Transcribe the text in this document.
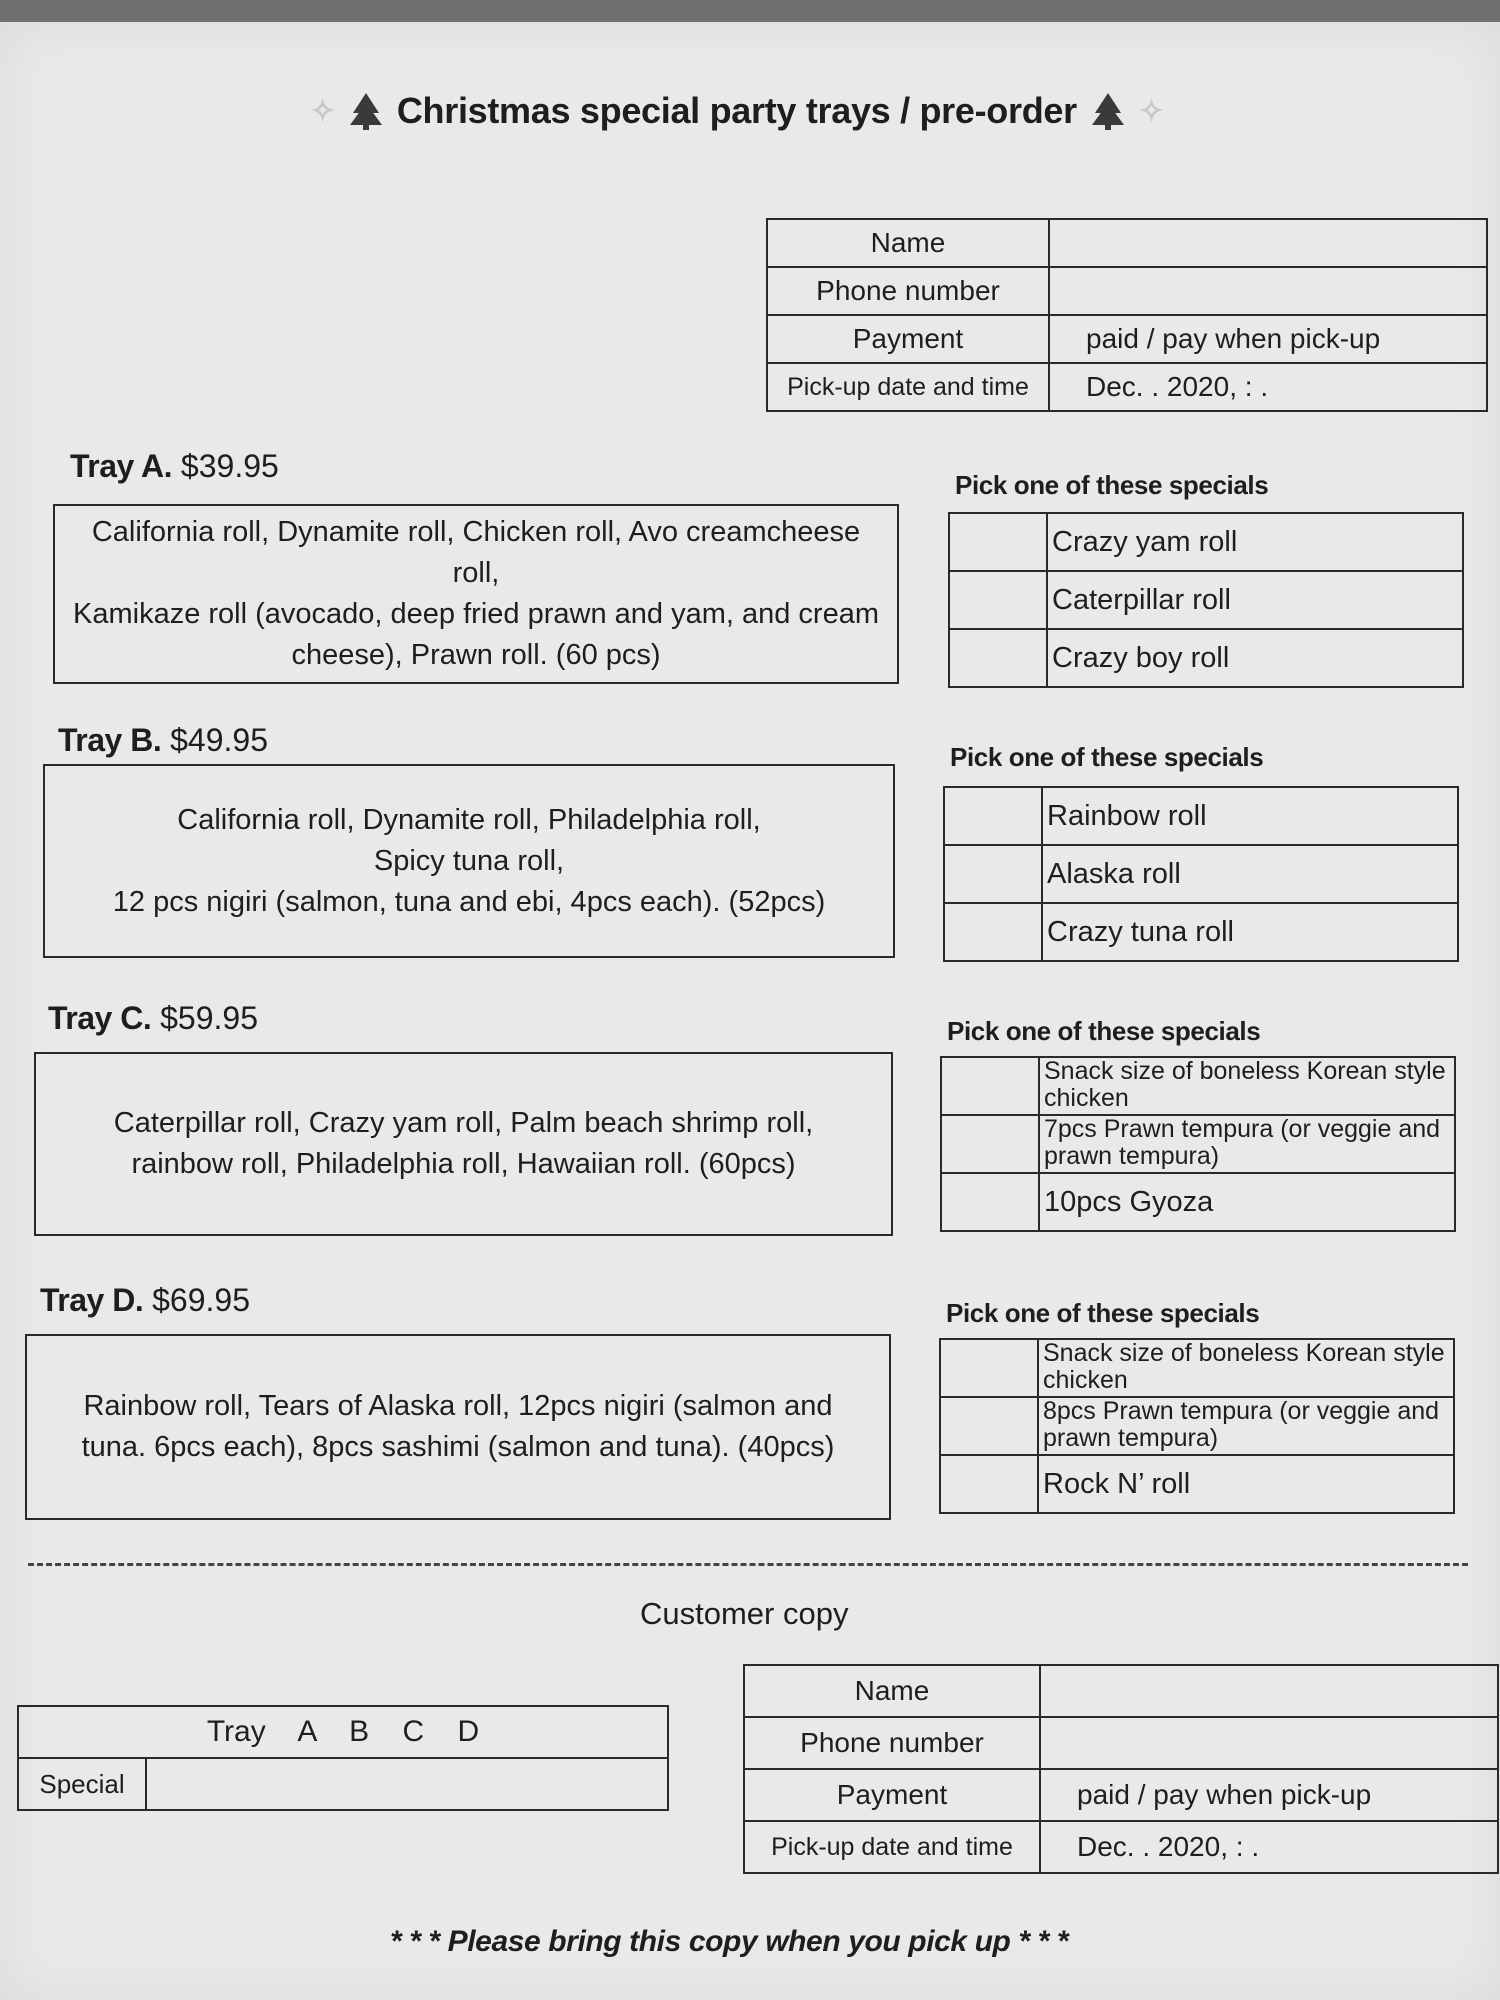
✧ Christmas special party trays / pre-order ✧
Name	
Phone number	
Payment	paid / pay when pick-up
Pick-up date and time	Dec. . 2020, : .
Tray A. $39.95
California roll, Dynamite roll, Chicken roll, Avo creamcheese roll,
Kamikaze roll (avocado, deep fried prawn and yam, and cream cheese), Prawn roll. (60 pcs)
Pick one of these specials
	Crazy yam roll
	Caterpillar roll
	Crazy boy roll
Tray B. $49.95
California roll, Dynamite roll, Philadelphia roll,
Spicy tuna roll,
12 pcs nigiri (salmon, tuna and ebi, 4pcs each). (52pcs)
Pick one of these specials
	Rainbow roll
	Alaska roll
	Crazy tuna roll
Tray C. $59.95
Caterpillar roll, Crazy yam roll, Palm beach shrimp roll,
rainbow roll, Philadelphia roll, Hawaiian roll. (60pcs)
Pick one of these specials
	Snack size of boneless Korean style chicken
	7pcs Prawn tempura (or veggie and prawn tempura)
	10pcs Gyoza
Tray D. $69.95
Rainbow roll, Tears of Alaska roll, 12pcs nigiri (salmon and
tuna. 6pcs each), 8pcs sashimi (salmon and tuna). (40pcs)
Pick one of these specials
	Snack size of boneless Korean style chicken
	8pcs Prawn tempura (or veggie and prawn tempura)
	Rock N’ roll
Customer copy
Tray    A    B    C    D
Special	
Name	
Phone number	
Payment	paid / pay when pick-up
Pick-up date and time	Dec. . 2020, : .
* * * Please bring this copy when you pick up * * *
